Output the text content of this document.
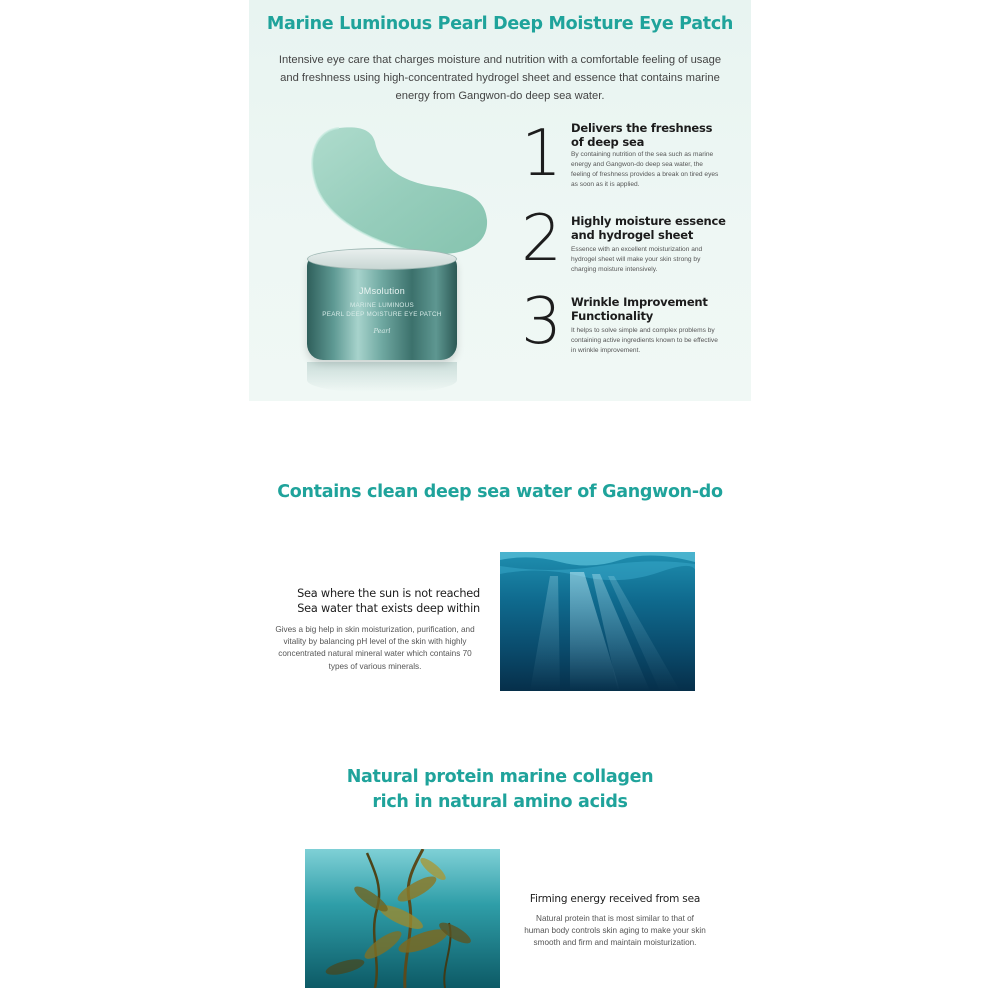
Marine Luminous Pearl Deep Moisture Eye Patch

Intensive eye care that charges moisture and nutrition with a comfortable feeling of usage
and freshness using high-concentrated hydrogel sheet and essence that contains marine
energy from Gangwon-do deep sea water.

JMsolution
MARINE LUMINOUS
PEARL DEEP MOISTURE EYE PATCH
Pearl
1 Delivers the freshness
of deep sea
By containing nutrition of the sea such as marine
energy and Gangwon-do deep sea water, the
feeling of freshness provides a break on tired eyes
as soon as it is applied.
2 Highly moisture essence
and hydrogel sheet
Essence with an excellent moisturization and
hydrogel sheet will make your skin strong by
charging moisture intensively.
3 Wrinkle Improvement
Functionality
It helps to solve simple and complex problems by
containing active ingredients known to be effective
in wrinkle improvement.
Contains clean deep sea water of Gangwon-do
Sea where the sun is not reached
Sea water that exists deep within
Gives a big help in skin moisturization, purification, and
vitality by balancing pH level of the skin with highly
concentrated natural mineral water which contains 70
types of various minerals.
Natural protein marine collagen
rich in natural amino acids
Firming energy received from sea
Natural protein that is most similar to that of
human body controls skin aging to make your skin
smooth and firm and maintain moisturization.
